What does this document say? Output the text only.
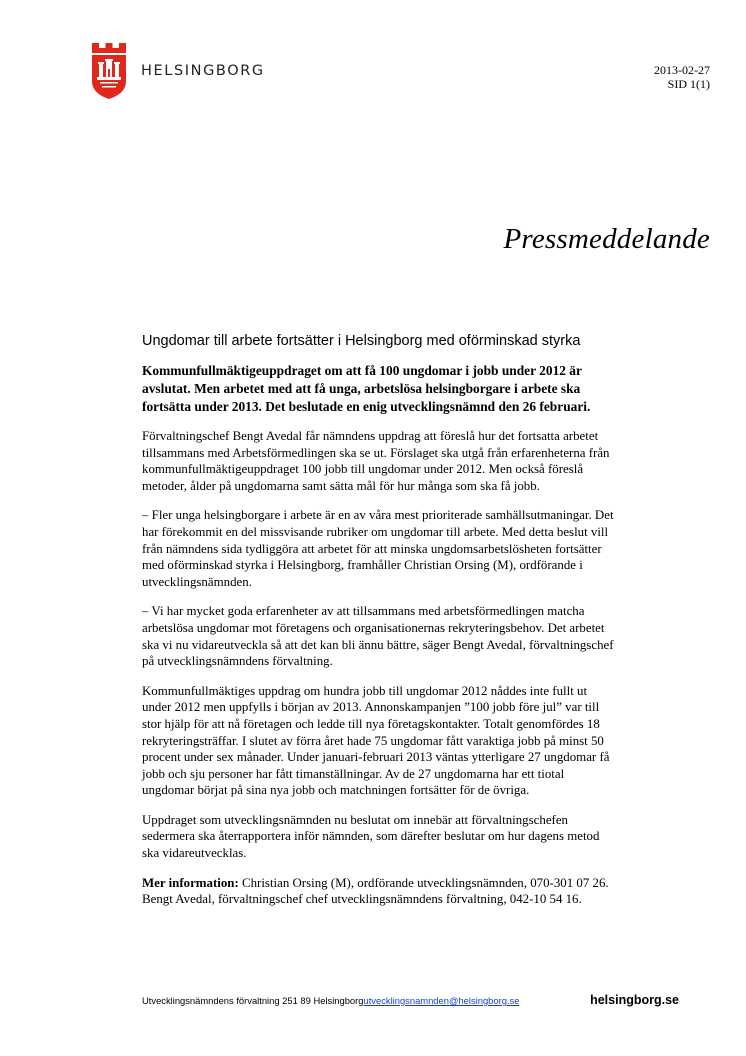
HELSINGBORG	2013-02-27
SID 1(1)
Pressmeddelande
Ungdomar till arbete fortsätter i Helsingborg med oförminskad styrka

Kommunfullmäktigeuppdraget om att få 100 ungdomar i jobb under 2012 är avslutat. Men arbetet med att få unga, arbetslösa helsingborgare i arbete ska fortsätta under 2013. Det beslutade en enig utvecklingsnämnd den 26 februari.

Förvaltningschef Bengt Avedal får nämndens uppdrag att föreslå hur det fortsatta arbetet tillsammans med Arbetsförmedlingen ska se ut. Förslaget ska utgå från erfarenheterna från kommunfullmäktigeuppdraget 100 jobb till ungdomar under 2012. Men också föreslå metoder, ålder på ungdomarna samt sätta mål för hur många som ska få jobb.

– Fler unga helsingborgare i arbete är en av våra mest prioriterade samhällsutmaningar. Det har förekommit en del missvisande rubriker om ungdomar till arbete. Med detta beslut vill från nämndens sida tydliggöra att arbetet för att minska ungdomsarbetslösheten fortsätter med oförminskad styrka i Helsingborg, framhåller Christian Orsing (M), ordförande i utvecklingsnämnden.

– Vi har mycket goda erfarenheter av att tillsammans med arbetsförmedlingen matcha arbetslösa ungdomar mot företagens och organisationernas rekryteringsbehov. Det arbetet ska vi nu vidareutveckla så att det kan bli ännu bättre, säger Bengt Avedal, förvaltningschef på utvecklingsnämndens förvaltning.

Kommunfullmäktiges uppdrag om hundra jobb till ungdomar 2012 nåddes inte fullt ut under 2012 men uppfylls i början av 2013. Annonskampanjen ”100 jobb före jul” var till stor hjälp för att nå företagen och ledde till nya företagskontakter. Totalt genomfördes 18 rekryteringsträffar. I slutet av förra året hade 75 ungdomar fått varaktiga jobb på minst 50 procent under sex månader. Under januari-februari 2013 väntas ytterligare 27 ungdomar få jobb och sju personer har fått timanställningar. Av de 27 ungdomarna har ett tiotal ungdomar börjat på sina nya jobb och matchningen fortsätter för de övriga.

Uppdraget som utvecklingsnämnden nu beslutat om innebär att förvaltningschefen sedermera ska återrapportera inför nämnden, som därefter beslutar om hur dagens metod ska vidareutvecklas.

Mer information: Christian Orsing (M), ordförande utvecklingsnämnden, 070-301 07 26.
Bengt Avedal, förvaltningschef chef utvecklingsnämndens förvaltning, 042-10 54 16.

Utvecklingsnämndens förvaltning 251 89 Helsingborgutvecklingsnamnden@helsingborg.se	helsingborg.se
